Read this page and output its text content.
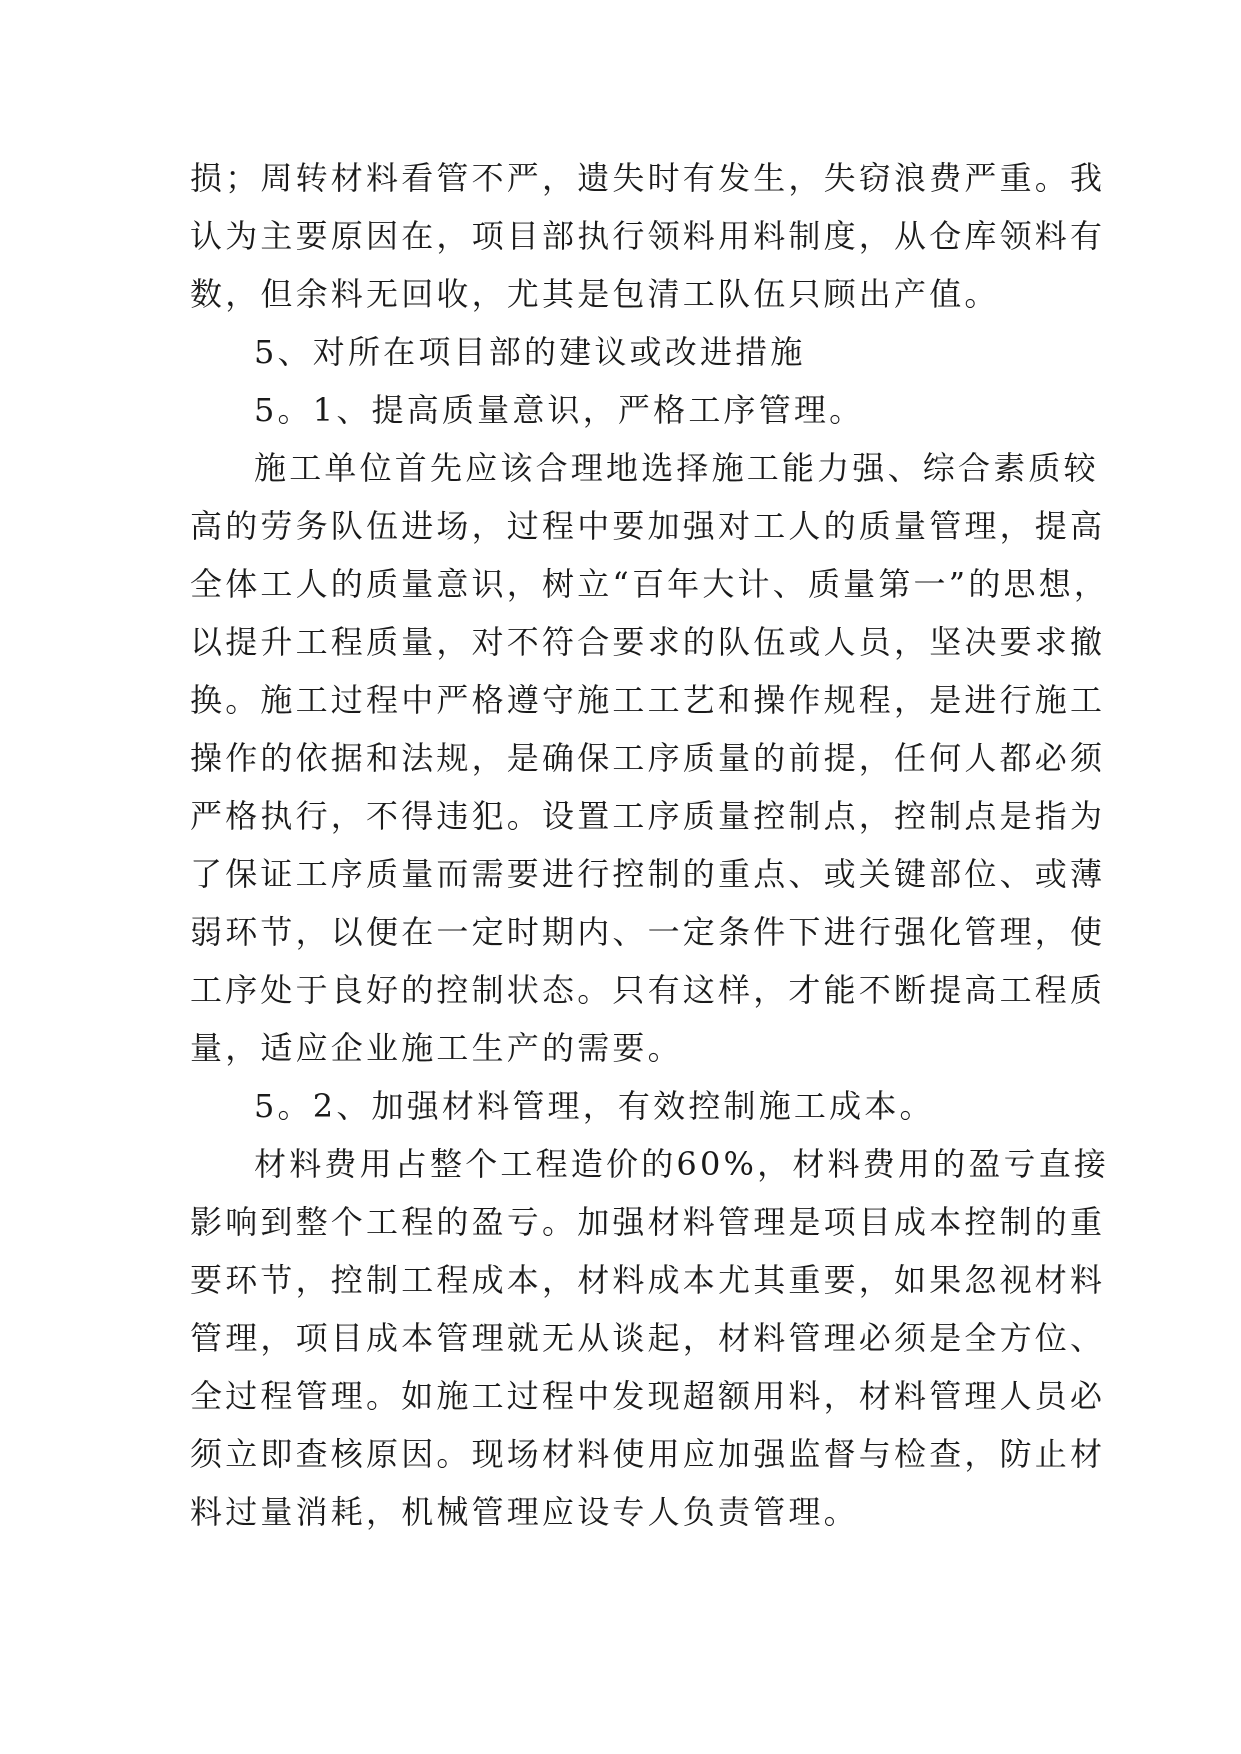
损；周转材料看管不严，遗失时有发生，失窃浪费严重。我
认为主要原因在，项目部执行领料用料制度，从仓库领料有
数，但余料无回收，尤其是包清工队伍只顾出产值。
5、对所在项目部的建议或改进措施
5。1、提高质量意识，严格工序管理。
施工单位首先应该合理地选择施工能力强、综合素质较
高的劳务队伍进场，过程中要加强对工人的质量管理，提高
全体工人的质量意识，树立“百年大计、质量第一”的思想，
以提升工程质量，对不符合要求的队伍或人员，坚决要求撤
换。施工过程中严格遵守施工工艺和操作规程，是进行施工
操作的依据和法规，是确保工序质量的前提，任何人都必须
严格执行，不得违犯。设置工序质量控制点，控制点是指为
了保证工序质量而需要进行控制的重点、或关键部位、或薄
弱环节，以便在一定时期内、一定条件下进行强化管理，使
工序处于良好的控制状态。只有这样，才能不断提高工程质
量，适应企业施工生产的需要。
5。2、加强材料管理，有效控制施工成本。
材料费用占整个工程造价的60%，材料费用的盈亏直接
影响到整个工程的盈亏。加强材料管理是项目成本控制的重
要环节，控制工程成本，材料成本尤其重要，如果忽视材料
管理，项目成本管理就无从谈起，材料管理必须是全方位、
全过程管理。如施工过程中发现超额用料，材料管理人员必
须立即查核原因。现场材料使用应加强监督与检查，防止材
料过量消耗，机械管理应设专人负责管理。
